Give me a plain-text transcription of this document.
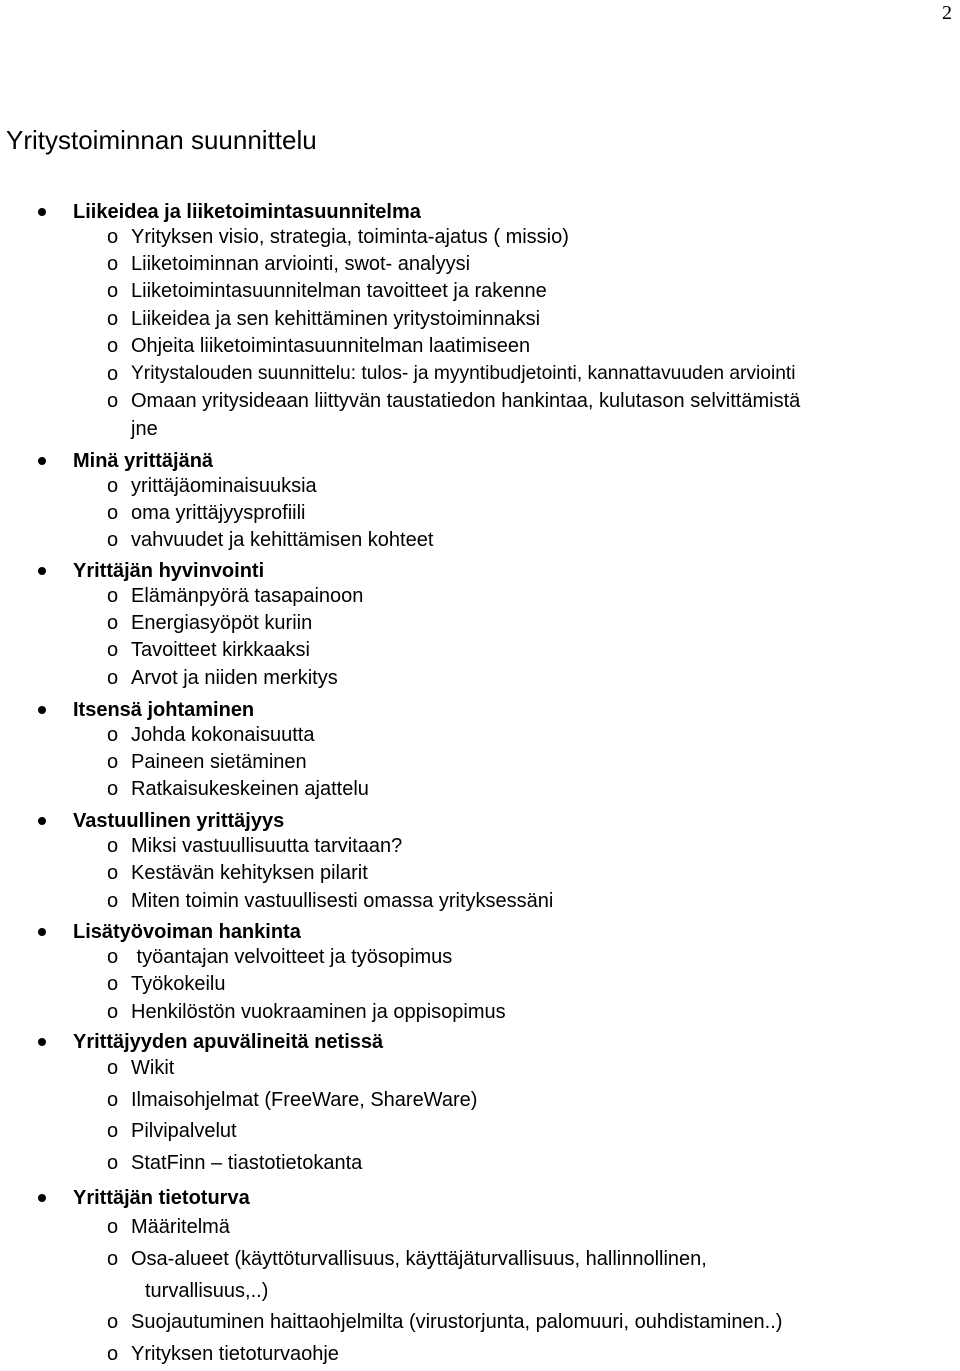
2
Yritystoiminnan suunnittelu
Liikeidea ja liiketoimintasuunnitelma
o Yrityksen visio, strategia, toiminta-ajatus ( missio)
o Liiketoiminnan arviointi, swot- analyysi
o Liiketoimintasuunnitelman tavoitteet ja rakenne
o Liikeidea ja sen kehittäminen yritystoiminnaksi
o Ohjeita liiketoimintasuunnitelman laatimiseen
o Yritystalouden suunnittelu: tulos- ja myyntibudjetointi, kannattavuuden arviointi
o Omaan yritysideaan liittyvän taustatiedon hankintaa, kulutason selvittämistä
jne
Minä yrittäjänä
o yrittäjäominaisuuksia
o oma yrittäjyysprofiili
o vahvuudet ja kehittämisen kohteet
Yrittäjän hyvinvointi
o Elämänpyörä tasapainoon
o Energiasyöpöt kuriin
o Tavoitteet kirkkaaksi
o Arvot ja niiden merkitys
Itsensä johtaminen
o Johda kokonaisuutta
o Paineen sietäminen
o Ratkaisukeskeinen ajattelu
Vastuullinen yrittäjyys
o Miksi vastuullisuutta tarvitaan?
o Kestävän kehityksen pilarit
o Miten toimin vastuullisesti omassa yrityksessäni
Lisätyövoiman hankinta
o työantajan velvoitteet ja työsopimus
o Työkokeilu
o Henkilöstön vuokraaminen ja oppisopimus
Yrittäjyyden apuvälineitä netissä
o Wikit
o Ilmaisohjelmat (FreeWare, ShareWare)
o Pilvipalvelut
o StatFinn – tiastotietokanta
Yrittäjän tietoturva
o Määritelmä
o Osa-alueet (käyttöturvallisuus, käyttäjäturvallisuus, hallinnollinen,
turvallisuus,..)
o Suojautuminen haittaohjelmilta (virustorjunta, palomuuri, ouhdistaminen..)
o Yrityksen tietoturvaohje
